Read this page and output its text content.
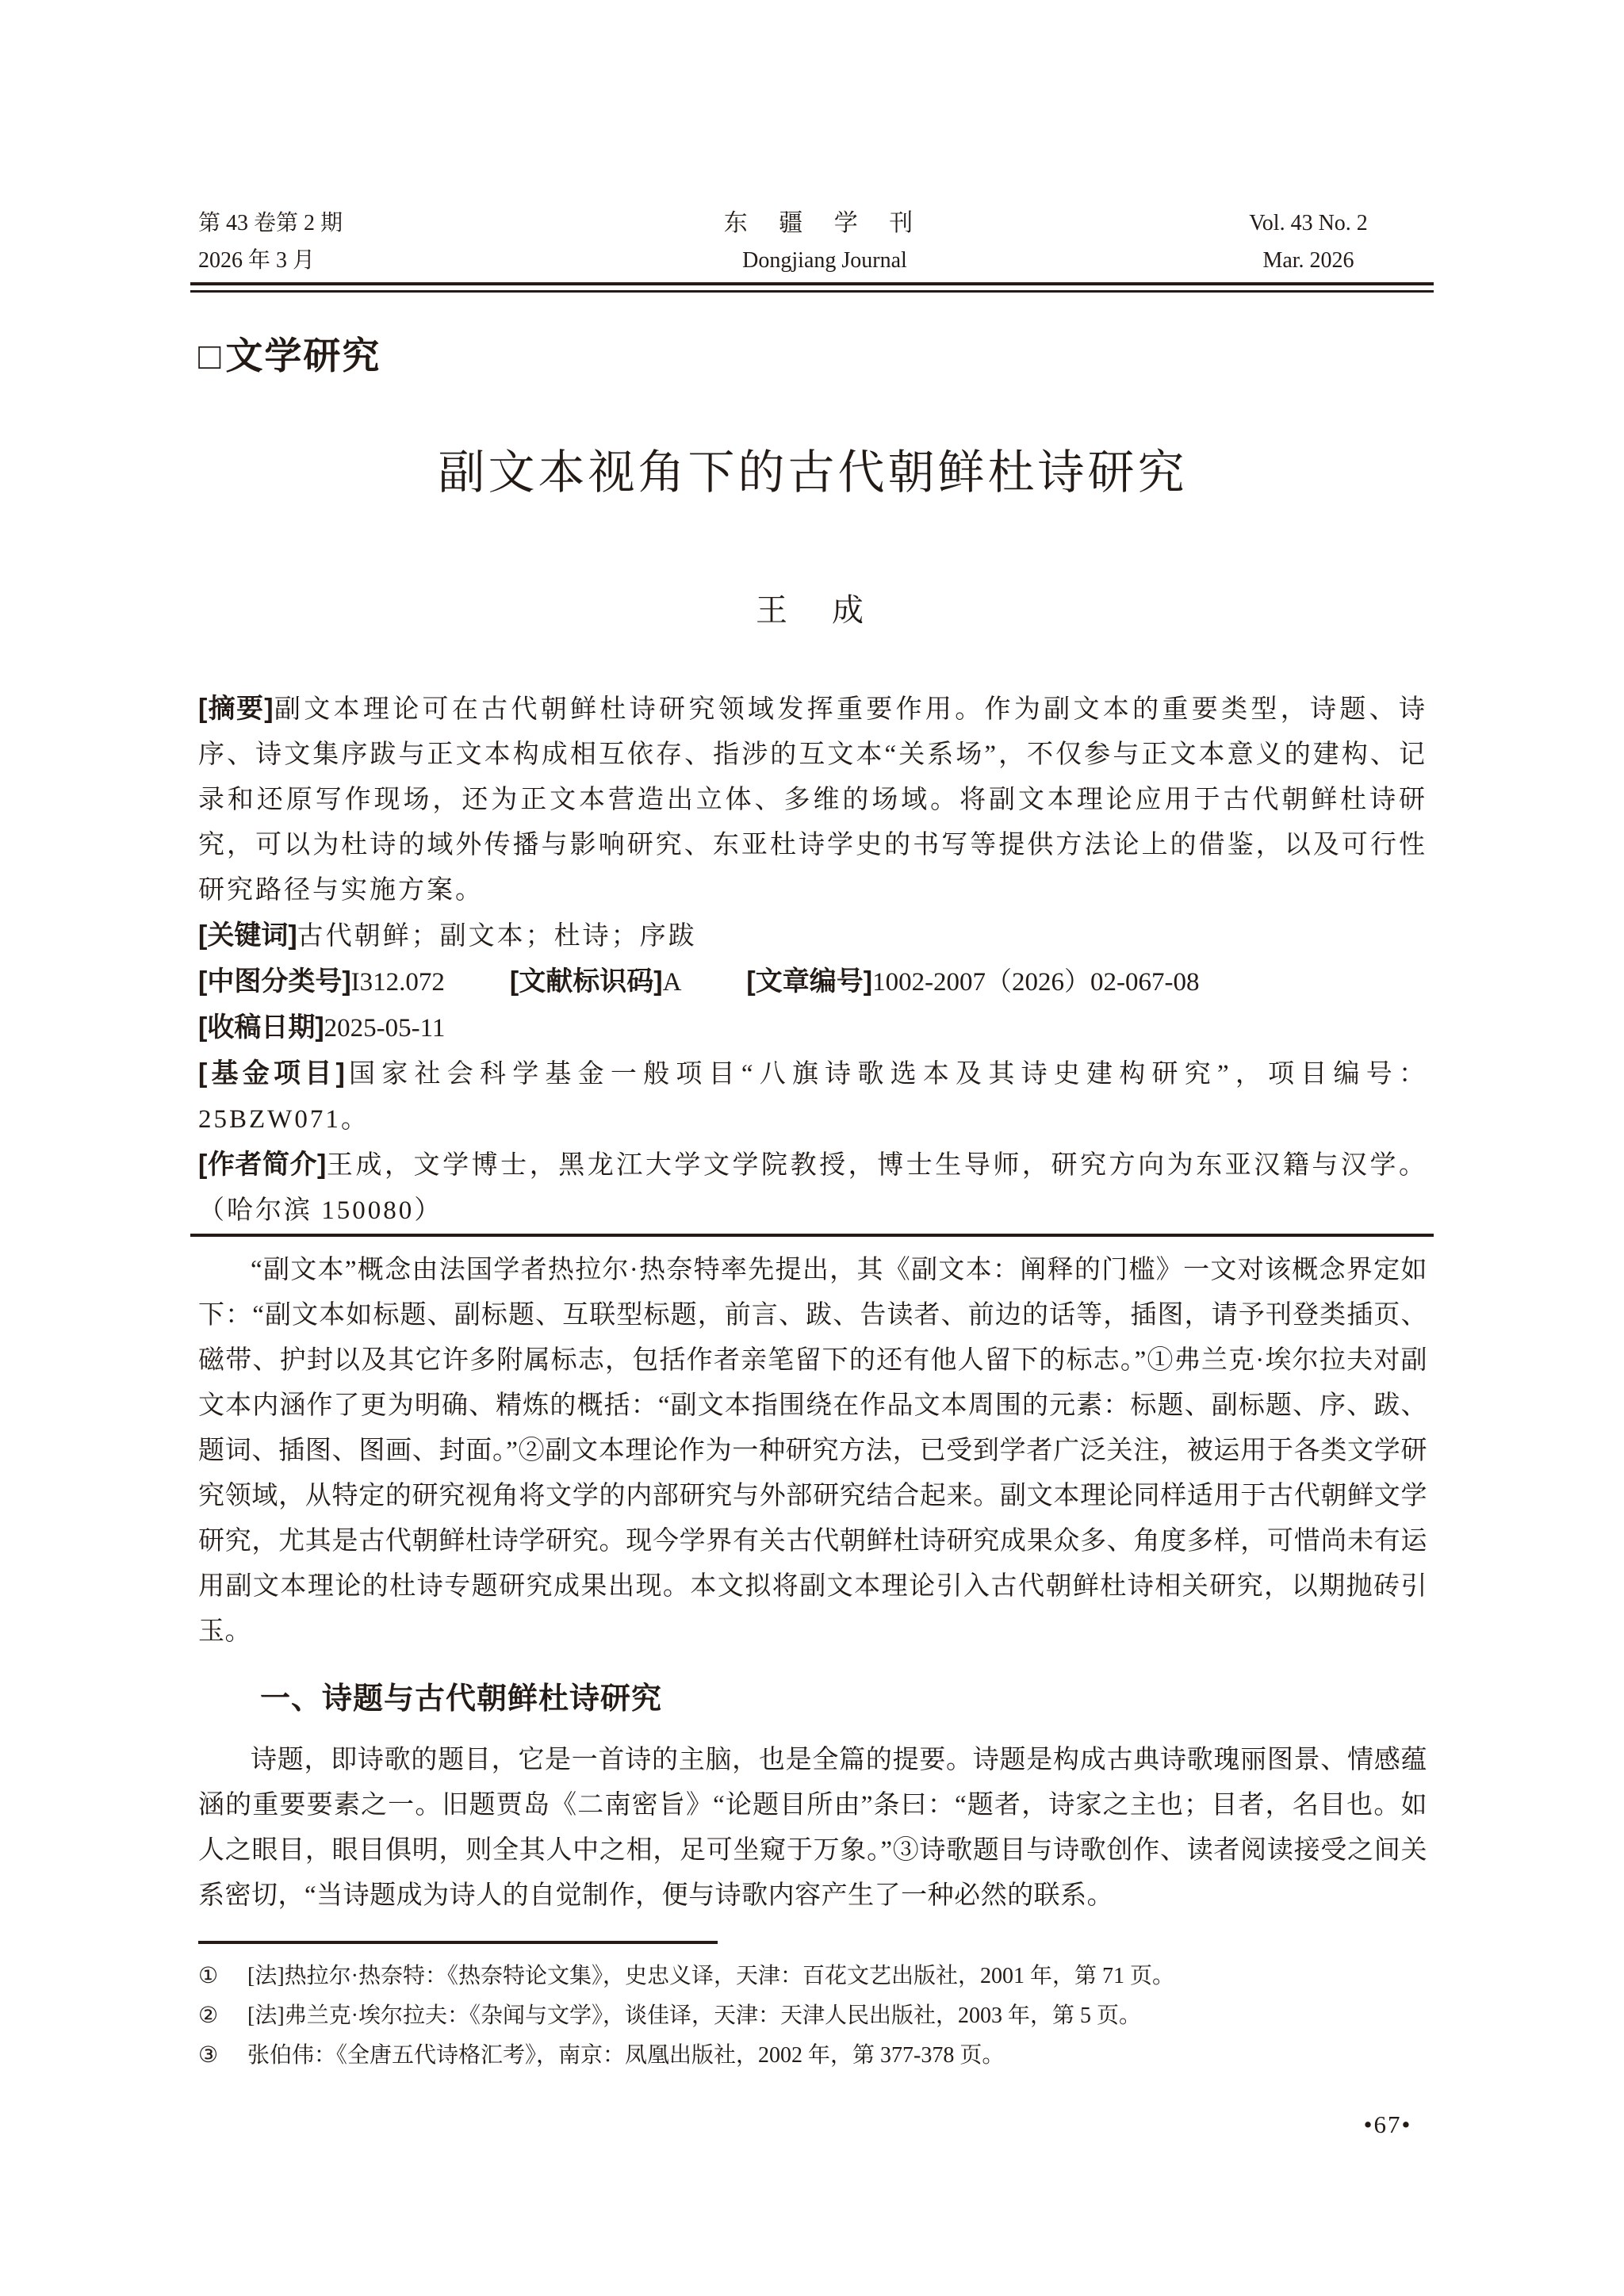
第 43 卷第 2 期
2026 年 3 月
东 疆 学 刊
Dongjiang Journal
Vol. 43 No. 2
Mar. 2026
□文学研究
副文本视角下的古代朝鲜杜诗研究
王　成

[摘要]副文本理论可在古代朝鲜杜诗研究领域发挥重要作用。作为副文本的重要类型，诗题、诗序、诗文集序跋与正文本构成相互依存、指涉的互文本“关系场”，不仅参与正文本意义的建构、记录和还原写作现场，还为正文本营造出立体、多维的场域。将副文本理论应用于古代朝鲜杜诗研究，可以为杜诗的域外传播与影响研究、东亚杜诗学史的书写等提供方法论上的借鉴，以及可行性研究路径与实施方案。

[关键词]古代朝鲜；副文本；杜诗；序跋

[中图分类号]I312.072 [文献标识码]A [文章编号]1002-2007（2026）02-067-08

[收稿日期]2025-05-11

[基金项目]国家社会科学基金一般项目“八旗诗歌选本及其诗史建构研究”，项目编号：25BZW071。

[作者简介]王成，文学博士，黑龙江大学文学院教授，博士生导师，研究方向为东亚汉籍与汉学。（哈尔滨 150080）

“副文本”概念由法国学者热拉尔·热奈特率先提出，其《副文本：阐释的门槛》一文对该概念界定如下：“副文本如标题、副标题、互联型标题，前言、跋、告读者、前边的话等，插图，请予刊登类插页、磁带、护封以及其它许多附属标志，包括作者亲笔留下的还有他人留下的标志。”①弗兰克·埃尔拉夫对副文本内涵作了更为明确、精炼的概括：“副文本指围绕在作品文本周围的元素：标题、副标题、序、跋、题词、插图、图画、封面。”②副文本理论作为一种研究方法，已受到学者广泛关注，被运用于各类文学研究领域，从特定的研究视角将文学的内部研究与外部研究结合起来。副文本理论同样适用于古代朝鲜文学研究，尤其是古代朝鲜杜诗学研究。现今学界有关古代朝鲜杜诗研究成果众多、角度多样，可惜尚未有运用副文本理论的杜诗专题研究成果出现。本文拟将副文本理论引入古代朝鲜杜诗相关研究，以期抛砖引玉。

一、诗题与古代朝鲜杜诗研究

诗题，即诗歌的题目，它是一首诗的主脑，也是全篇的提要。诗题是构成古典诗歌瑰丽图景、情感蕴涵的重要要素之一。旧题贾岛《二南密旨》“论题目所由”条曰：“题者，诗家之主也；目者，名目也。如人之眼目，眼目俱明，则全其人中之相，足可坐窥于万象。”③诗歌题目与诗歌创作、读者阅读接受之间关系密切，“当诗题成为诗人的自觉制作，便与诗歌内容产生了一种必然的联系。

①	[法]热拉尔·热奈特：《热奈特论文集》，史忠义译，天津：百花文艺出版社，2001 年，第 71 页。
②	[法]弗兰克·埃尔拉夫：《杂闻与文学》，谈佳译，天津：天津人民出版社，2003 年，第 5 页。
③	张伯伟：《全唐五代诗格汇考》，南京：凤凰出版社，2002 年，第 377-378 页。
•67•
